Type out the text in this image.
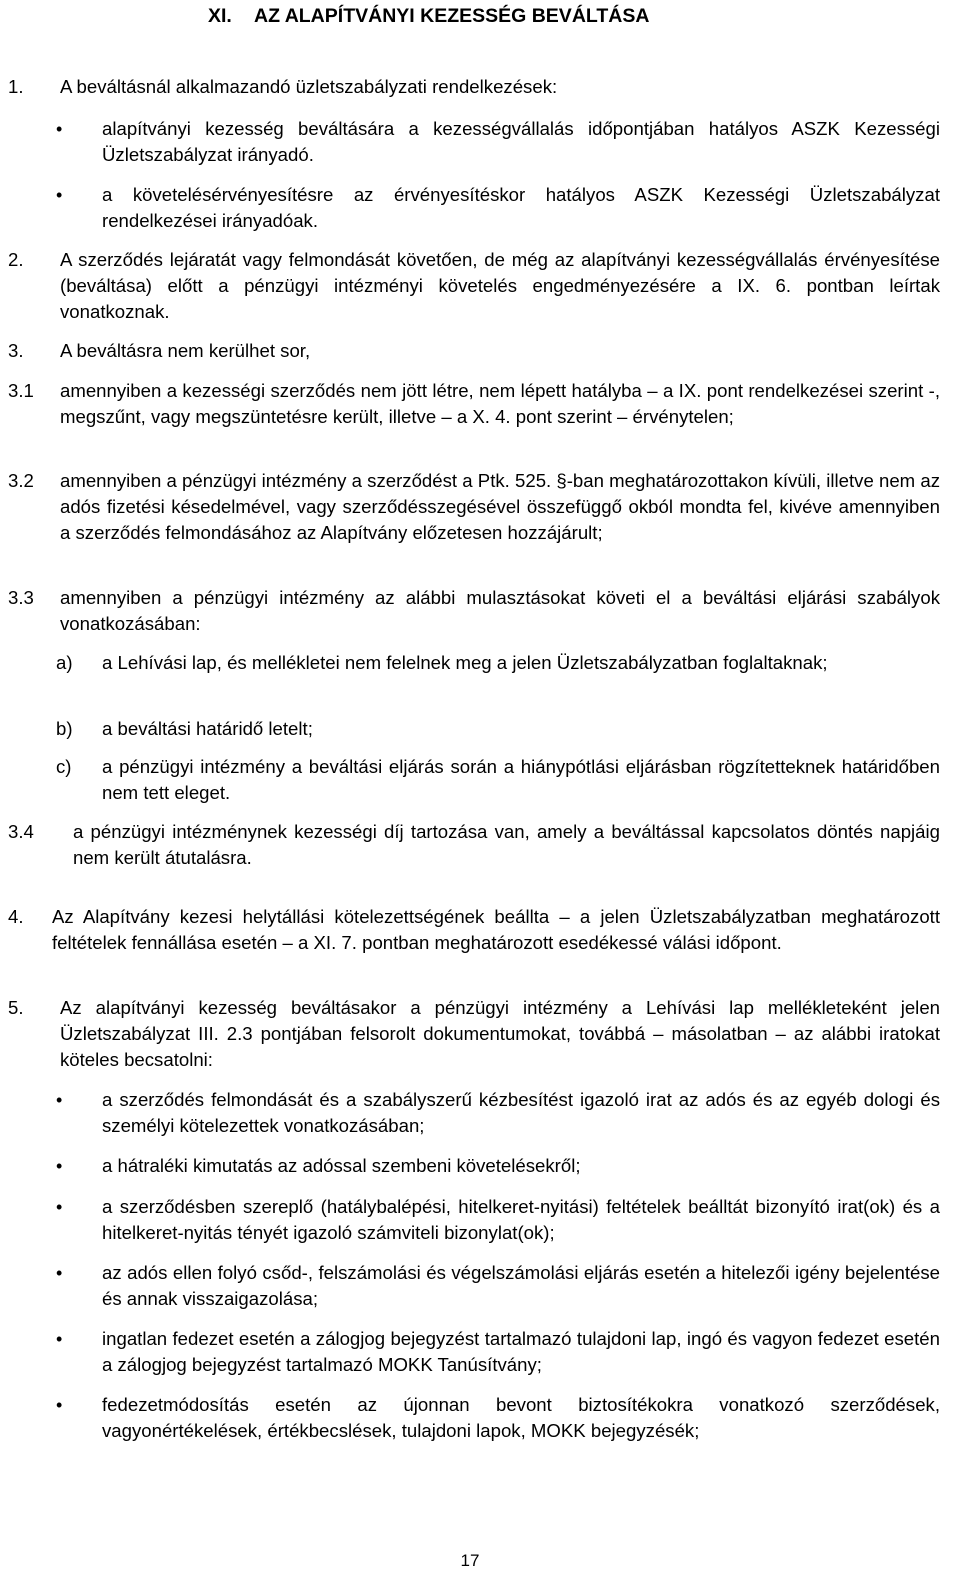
XI. AZ ALAPÍTVÁNYI KEZESSÉG BEVÁLTÁSA
1.	A beváltásnál alkalmazandó üzletszabályzati rendelkezések:
•
alapítványi kezesség beváltására a kezességvállalás időpontjában hatályos ASZK Kezességi Üzletszabályzat irányadó.
•
a követelésérvényesítésre az érvényesítéskor hatályos ASZK Kezességi Üzletszabályzat rendelkezései irányadóak.
2.	A szerződés lejáratát vagy felmondását követően, de még az alapítványi kezességvállalás érvényesítése (beváltása) előtt a pénzügyi intézményi követelés engedményezésére a IX. 6. pontban leírtak vonatkoznak.
3.	A beváltásra nem kerülhet sor,
3.1	amennyiben a kezességi szerződés nem jött létre, nem lépett hatályba – a IX. pont rendelkezései szerint -, megszűnt, vagy megszüntetésre került, illetve – a X. 4. pont szerint – érvénytelen;
3.2	amennyiben a pénzügyi intézmény a szerződést a Ptk. 525. §-ban meghatározottakon kívüli, illetve nem az adós fizetési késedelmével, vagy szerződésszegésével összefüggő okból mondta fel, kivéve amennyiben a szerződés felmondásához az Alapítvány előzetesen hozzájárult;
3.3	amennyiben a pénzügyi intézmény az alábbi mulasztásokat követi el a beváltási eljárási szabályok vonatkozásában:
a)	a Lehívási lap, és mellékletei nem felelnek meg a jelen Üzletszabályzatban foglaltaknak;
b)	a beváltási határidő letelt;
c)	a pénzügyi intézmény a beváltási eljárás során a hiánypótlási eljárásban rögzítetteknek határidőben nem tett eleget.
3.4	a pénzügyi intézménynek kezességi díj tartozása van, amely a beváltással kapcsolatos döntés napjáig nem került átutalásra.
4.	Az Alapítvány kezesi helytállási kötelezettségének beállta – a jelen Üzletszabályzatban meghatározott feltételek fennállása esetén – a XI. 7. pontban meghatározott esedékessé válási időpont.
5.	Az alapítványi kezesség beváltásakor a pénzügyi intézmény a Lehívási lap mellékleteként jelen Üzletszabályzat III. 2.3 pontjában felsorolt dokumentumokat, továbbá – másolatban – az alábbi iratokat köteles becsatolni:
•
a szerződés felmondását és a szabályszerű kézbesítést igazoló irat az adós és az egyéb dologi és személyi kötelezettek vonatkozásában;
•
a hátraléki kimutatás az adóssal szembeni követelésekről;
•
a szerződésben szereplő (hatálybalépési, hitelkeret-nyitási) feltételek beálltát bizonyító irat(ok) és a hitelkeret-nyitás tényét igazoló számviteli bizonylat(ok);
•
az adós ellen folyó csőd-, felszámolási és végelszámolási eljárás esetén a hitelezői igény bejelentése és annak visszaigazolása;
•
ingatlan fedezet esetén a zálogjog bejegyzést tartalmazó tulajdoni lap, ingó és vagyon fedezet esetén a zálogjog bejegyzést tartalmazó MOKK Tanúsítvány;
•
fedezetmódosítás esetén az újonnan bevont biztosítékokra vonatkozó szerződések, vagyonértékelések, értékbecslések, tulajdoni lapok, MOKK bejegyzésék;
17
